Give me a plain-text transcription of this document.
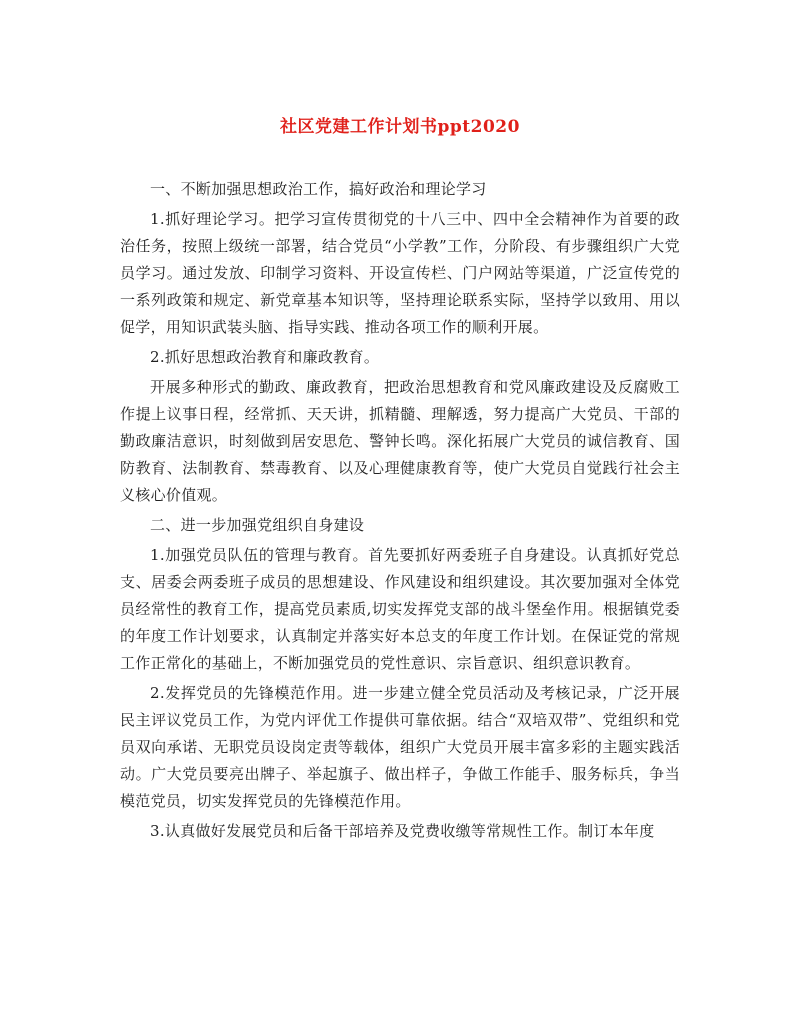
社区党建工作计划书ppt2020

一、不断加强思想政治工作，搞好政治和理论学习

1.抓好理论学习。把学习宣传贯彻党的十八三中、四中全会精神作为首要的政治任务，按照上级统一部署，结合党员“小学教”工作，分阶段、有步骤组织广大党员学习。通过发放、印制学习资料、开设宣传栏、门户网站等渠道，广泛宣传党的一系列政策和规定、新党章基本知识等，坚持理论联系实际，坚持学以致用、用以促学，用知识武装头脑、指导实践、推动各项工作的顺利开展。

2.抓好思想政治教育和廉政教育。

开展多种形式的勤政、廉政教育，把政治思想教育和党风廉政建设及反腐败工作提上议事日程，经常抓、天天讲，抓精髓、理解透，努力提高广大党员、干部的勤政廉洁意识，时刻做到居安思危、警钟长鸣。深化拓展广大党员的诚信教育、国防教育、法制教育、禁毒教育、以及心理健康教育等，使广大党员自觉践行社会主义核心价值观。

二、进一步加强党组织自身建设

1.加强党员队伍的管理与教育。首先要抓好两委班子自身建设。认真抓好党总支、居委会两委班子成员的思想建设、作风建设和组织建设。其次要加强对全体党员经常性的教育工作，提高党员素质,切实发挥党支部的战斗堡垒作用。根据镇党委的年度工作计划要求，认真制定并落实好本总支的年度工作计划。在保证党的常规工作正常化的基础上，不断加强党员的党性意识、宗旨意识、组织意识教育。

2.发挥党员的先锋模范作用。进一步建立健全党员活动及考核记录，广泛开展民主评议党员工作，为党内评优工作提供可靠依据。结合“双培双带”、党组织和党员双向承诺、无职党员设岗定责等载体，组织广大党员开展丰富多彩的主题实践活动。广大党员要亮出牌子、举起旗子、做出样子，争做工作能手、服务标兵，争当模范党员，切实发挥党员的先锋模范作用。

3.认真做好发展党员和后备干部培养及党费收缴等常规性工作。制订本年度
